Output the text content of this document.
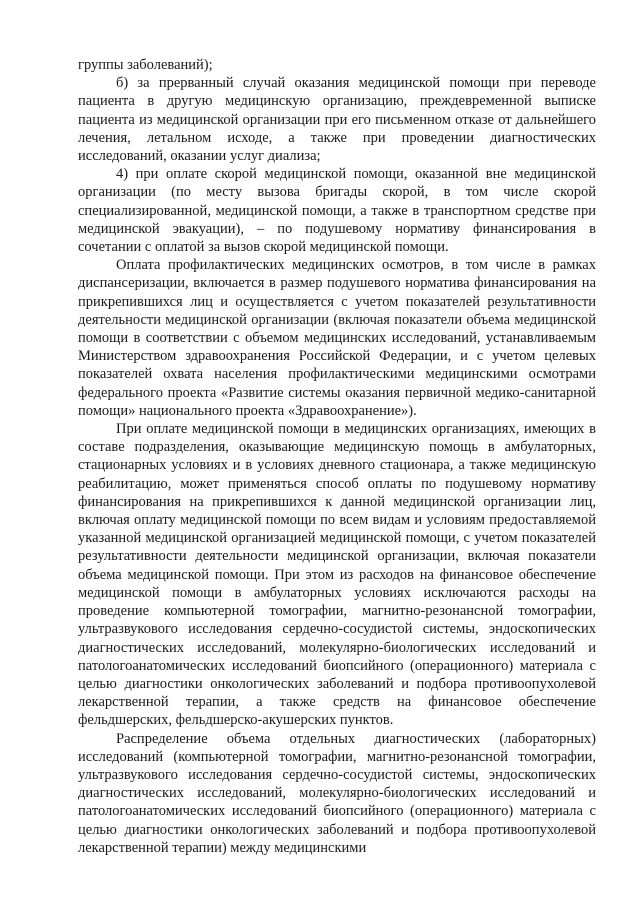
группы заболеваний);

б) за прерванный случай оказания медицинской помощи при переводе пациента в другую медицинскую организацию, преждевременной выписке пациента из медицинской организации при его письменном отказе от дальнейшего лечения, летальном исходе, а также при проведении диагностических исследований, оказании услуг диализа;

4) при оплате скорой медицинской помощи, оказанной вне медицинской организации (по месту вызова бригады скорой, в том числе скорой специализированной, медицинской помощи, а также в транспортном средстве при медицинской эвакуации), – по подушевому нормативу финансирования в сочетании с оплатой за вызов скорой медицинской помощи.

Оплата профилактических медицинских осмотров, в том числе в рамках диспансеризации, включается в размер подушевого норматива финансирования на прикрепившихся лиц и осуществляется с учетом показателей результативности деятельности медицинской организации (включая показатели объема медицинской помощи в соответствии с объемом медицинских исследований, устанавливаемым Министерством здравоохранения Российской Федерации, и с учетом целевых показателей охвата населения профилактическими медицинскими осмотрами федерального проекта «Развитие системы оказания первичной медико-санитарной помощи» национального проекта «Здравоохранение»).

При оплате медицинской помощи в медицинских организациях, имеющих в составе подразделения, оказывающие медицинскую помощь в амбулаторных, стационарных условиях и в условиях дневного стационара, а также медицинскую реабилитацию, может применяться способ оплаты по подушевому нормативу финансирования на прикрепившихся к данной медицинской организации лиц, включая оплату медицинской помощи по всем видам и условиям предоставляемой указанной медицинской организацией медицинской помощи, с учетом показателей результативности деятельности медицинской организации, включая показатели объема медицинской помощи. При этом из расходов на финансовое обеспечение медицинской помощи в амбулаторных условиях исключаются расходы на проведение компьютерной томографии, магнитно-резонансной томографии, ультразвукового исследования сердечно-сосудистой системы, эндоскопических диагностических исследований, молекулярно-биологических исследований и патологоанатомических исследований биопсийного (операционного) материала с целью диагностики онкологических заболеваний и подбора противоопухолевой лекарственной терапии, а также средств на финансовое обеспечение фельдшерских, фельдшерско-акушерских пунктов.

Распределение объема отдельных диагностических (лабораторных) исследований (компьютерной томографии, магнитно-резонансной томографии, ультразвукового исследования сердечно-сосудистой системы, эндоскопических диагностических исследований, молекулярно-биологических исследований и патологоанатомических исследований биопсийного (операционного) материала с целью диагностики онкологических заболеваний и подбора противоопухолевой лекарственной терапии) между медицинскими
